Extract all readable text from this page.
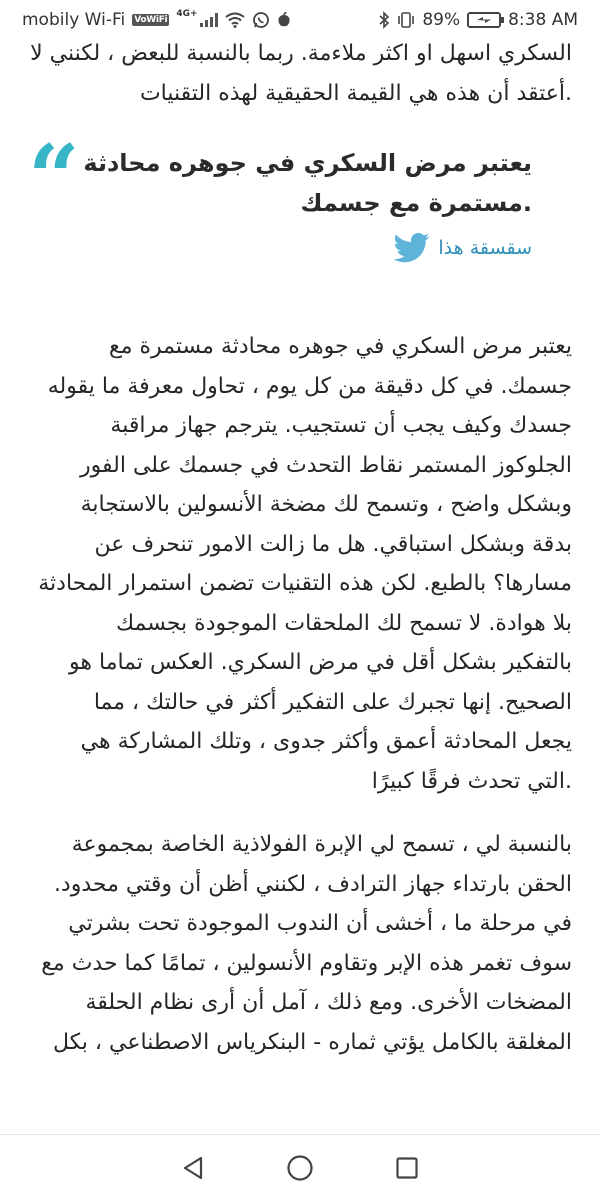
mobily Wi-Fi VoWiFi
4G+	89%	8:38 AM

السكري اسهل او اكثر ملاءمة. ربما بالنسبة للبعض ، لكنني لا
.أعتقد أن هذه هي القيمة الحقيقية لهذه التقنيات

يعتبر مرض السكري في جوهره محادثة
.مستمرة مع جسمك
سقسقة هذا
“

يعتبر مرض السكري في جوهره محادثة مستمرة مع
جسمك. في كل دقيقة من كل يوم ، تحاول معرفة ما يقوله
جسدك وكيف يجب أن تستجيب. يترجم جهاز مراقبة
الجلوكوز المستمر نقاط التحدث في جسمك على الفور
وبشكل واضح ، وتسمح لك مضخة الأنسولين بالاستجابة
بدقة وبشكل استباقي. هل ما زالت الامور تنحرف عن
مسارها؟ بالطبع. لكن هذه التقنيات تضمن استمرار المحادثة
بلا هوادة. لا تسمح لك الملحقات الموجودة بجسمك
بالتفكير بشكل أقل في مرض السكري. العكس تماما هو
الصحيح. إنها تجبرك على التفكير أكثر في حالتك ، مما
يجعل المحادثة أعمق وأكثر جدوى ، وتلك المشاركة هي
.التي تحدث فرقًا كبيرًا

بالنسبة لي ، تسمح لي الإبرة الفولاذية الخاصة بمجموعة
الحقن بارتداء جهاز الترادف ، لكنني أظن أن وقتي محدود.
في مرحلة ما ، أخشى أن الندوب الموجودة تحت بشرتي
سوف تغمر هذه الإبر وتقاوم الأنسولين ، تمامًا كما حدث مع
المضخات الأخرى. ومع ذلك ، آمل أن أرى نظام الحلقة
المغلقة بالكامل يؤتي ثماره - البنكرياس الاصطناعي ، بكل
